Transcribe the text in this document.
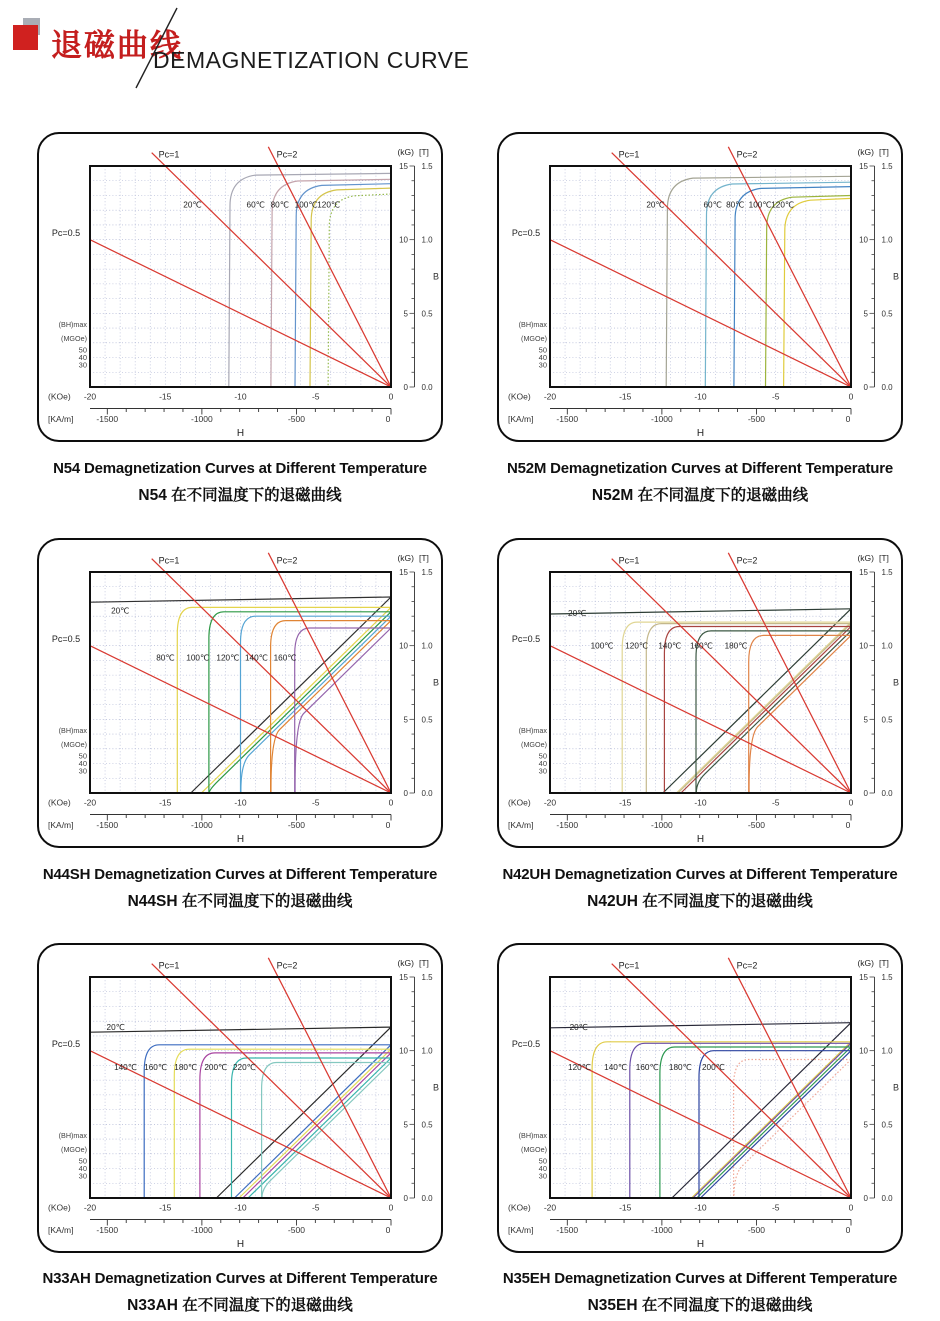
退磁曲线
DEMAGNETIZATION CURVE
Pc=1	Pc=2
Pc=0.5
(kG) [T]
15
10
5
0
1.5
1.0
0.5
0.0
B
(KOe) -20	-15	-10	-5	0
-1500	-1000	-500	0
[KA/m]
H
(BH)max
(MGOe)
50
40
30
20℃	60℃ 80℃ 100℃ 120℃
Pc=1	Pc=2
Pc=0.5
(kG) [T]
15
10
5
0
1.5
1.0
0.5
0.0
B
(KOe) -20	-15	-10	-5	0
-1500	-1000	-500	0
[KA/m]
H
(BH)max
(MGOe)
50
40
30
20℃	60℃ 80℃ 100℃ 120℃
N54 Demagnetization Curves at Different Temperature
N54 在不同温度下的退磁曲线
N52M Demagnetization Curves at Different Temperature
N52M 在不同温度下的退磁曲线
Pc=1	Pc=2
Pc=0.5
(kG) [T]
15
10
5
0
1.5
1.0
0.5
0.0
B
(KOe) -20	-15	-10	-5	0
-1500	-1000	-500	0
[KA/m]
H
(BH)max
(MGOe)
50
40
30
20℃
80℃ 100℃ 120℃ 140℃ 160℃
Pc=1	Pc=2
Pc=0.5
(kG) [T]
15
10
5
0
1.5
1.0
0.5
0.0
B
(KOe) -20	-15	-10	-5	0
-1500	-1000	-500	0
[KA/m]
H
(BH)max
(MGOe)
50
40
30
20℃
100℃ 120℃ 140℃ 160℃ 180℃
N44SH Demagnetization Curves at Different Temperature
N44SH 在不同温度下的退磁曲线
N42UH Demagnetization Curves at Different Temperature
N42UH 在不同温度下的退磁曲线
Pc=1	Pc=2
Pc=0.5
(kG) [T]
15
10
5
0
1.5
1.0
0.5
0.0
B
(KOe) -20	-15	-10	-5	0
-1500	-1000	-500	0
[KA/m]
H
(BH)max
(MGOe)
50
40
30
20℃
140℃ 160℃ 180℃ 200℃ 220℃
Pc=1	Pc=2
Pc=0.5
(kG) [T]
15
10
5
0
1.5
1.0
0.5
0.0
B
(KOe) -20	-15	-10	-5	0
-1500	-1000	-500	0
[KA/m]
H
(BH)max
(MGOe)
50
40
30
20℃
120℃ 140℃ 160℃ 180℃ 200℃
N33AH Demagnetization Curves at Different Temperature
N33AH 在不同温度下的退磁曲线
N35EH Demagnetization Curves at Different Temperature
N35EH 在不同温度下的退磁曲线
